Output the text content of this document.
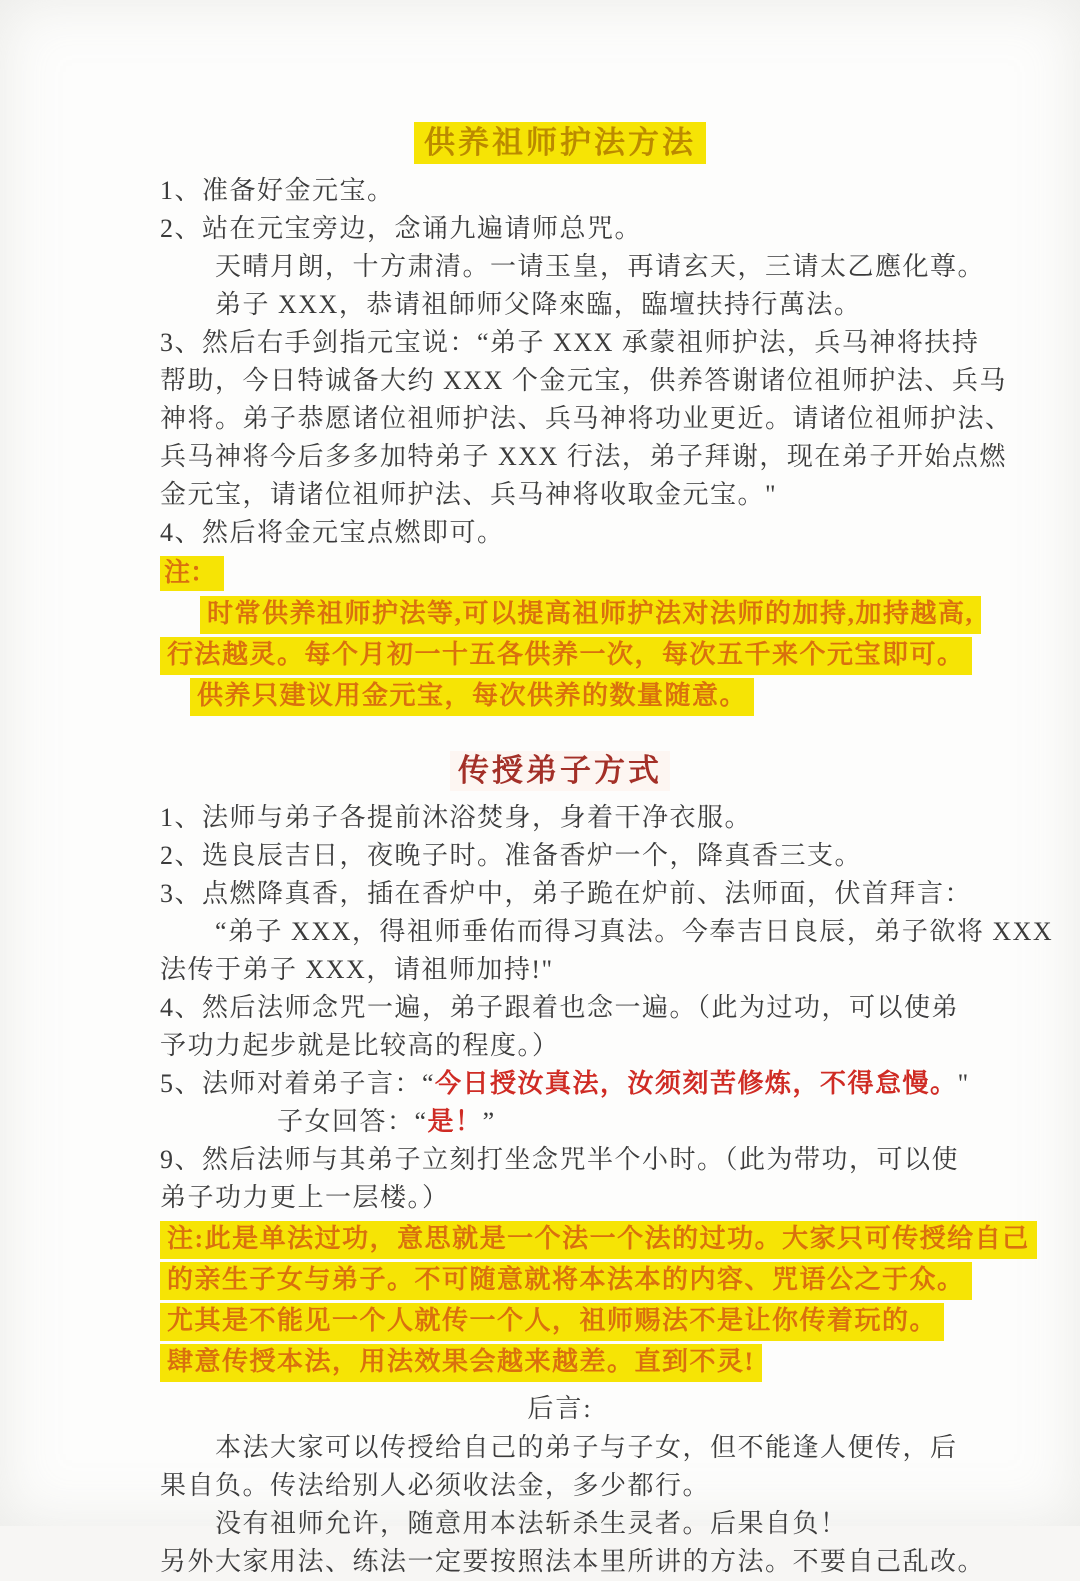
供养祖师护法方法
1、准备好金元宝。
2、站在元宝旁边，念诵九遍请师总咒。
天晴月朗，十方肃清。一请玉皇，再请玄天，三请太乙應化尊。
弟子 XXX，恭请祖師师父降來臨，臨壇扶持行萬法。
3、然后右手剑指元宝说：“弟子 XXX 承蒙祖师护法，兵马神将扶持
帮助，今日特诚备大约 XXX 个金元宝，供养答谢诸位祖师护法、兵马
神将。弟子恭愿诸位祖师护法、兵马神将功业更近。请诸位祖师护法、
兵马神将今后多多加特弟子 XXX 行法，弟子拜谢，现在弟子开始点燃
金元宝，请诸位祖师护法、兵马神将收取金元宝。"
4、然后将金元宝点燃即可。
注：
时常供养祖师护法等,可以提高祖师护法对法师的加持,加持越高,
行法越灵。每个月初一十五各供养一次，每次五千来个元宝即可。
供养只建议用金元宝，每次供养的数量随意。
传授弟子方式
1、法师与弟子各提前沐浴焚身，身着干净衣服。
2、选良辰吉日，夜晚子时。准备香炉一个，降真香三支。
3、点燃降真香，插在香炉中，弟子跪在炉前、法师面，伏首拜言：
“弟子 XXX，得祖师垂佑而得习真法。今奉吉日良辰，弟子欲将 XXX
法传于弟子 XXX，请祖师加持!"
4、然后法师念咒一遍，弟子跟着也念一遍。（此为过功，可以使弟
予功力起步就是比较高的程度。）
5、法师对着弟子言：“今日授汝真法，汝须刻苦修炼，不得怠慢。"
子女回答：“是！”
9、然后法师与其弟子立刻打坐念咒半个小时。（此为带功，可以使
弟子功力更上一层楼。）
注:此是单法过功，意思就是一个法一个法的过功。大家只可传授给自己
的亲生子女与弟子。不可随意就将本法本的内容、咒语公之于众。
尤其是不能见一个人就传一个人，祖师赐法不是让你传着玩的。
肆意传授本法，用法效果会越来越差。直到不灵!
后言:
本法大家可以传授给自己的弟子与子女，但不能逢人便传，后
果自负。传法给别人必须收法金，多少都行。
没有祖师允许，随意用本法斩杀生灵者。后果自负！
另外大家用法、练法一定要按照法本里所讲的方法。不要自己乱改。
